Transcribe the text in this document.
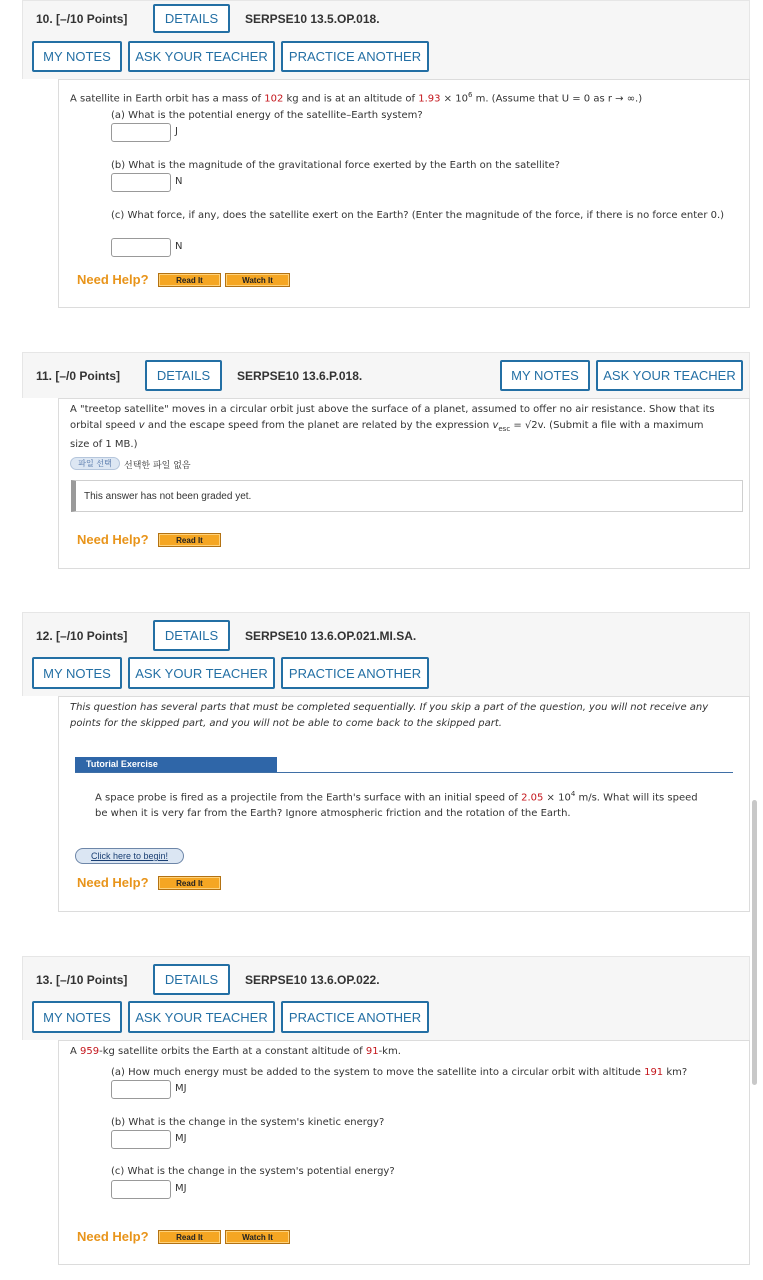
10. [–/10 Points]	DETAILS	SERPSE10 13.5.OP.018.
MY NOTES	ASK YOUR TEACHER	PRACTICE ANOTHER
A satellite in Earth orbit has a mass of 102 kg and is at an altitude of $1.93 \times 10^6$ m. (Assume that U = 0 as r → ∞.)
(a) What is the potential energy of the satellite–Earth system?
J
(b) What is the magnitude of the gravitational force exerted by the Earth on the satellite?
N
(c) What force, if any, does the satellite exert on the Earth? (Enter the magnitude of the force, if there is no force enter 0.)
N
Need Help?	Read It	Watch It
11. [–/0 Points]	DETAILS	SERPSE10 13.6.P.018.	MY NOTES	ASK YOUR TEACHER
A "treetop satellite" moves in a circular orbit just above the surface of a planet, assumed to offer no air resistance. Show that its
orbital speed v and the escape speed from the planet are related by the expression $v_{esc} = √2v$. (Submit a file with a maximum
size of 1 MB.)
파일 선택	선택한 파일 없음
This answer has not been graded yet.
Need Help?	Read It
12. [–/10 Points]	DETAILS	SERPSE10 13.6.OP.021.MI.SA.
MY NOTES	ASK YOUR TEACHER	PRACTICE ANOTHER
This question has several parts that must be completed sequentially. If you skip a part of the question, you will not receive any
points for the skipped part, and you will not be able to come back to the skipped part.
Tutorial Exercise
A space probe is fired as a projectile from the Earth's surface with an initial speed of $2.05 \times 10^4$ m/s. What will its speed
be when it is very far from the Earth? Ignore atmospheric friction and the rotation of the Earth.
Click here to begin!
Need Help?	Read It
13. [–/10 Points]	DETAILS	SERPSE10 13.6.OP.022.
MY NOTES	ASK YOUR TEACHER	PRACTICE ANOTHER
A 959-kg satellite orbits the Earth at a constant altitude of 91-km.
(a) How much energy must be added to the system to move the satellite into a circular orbit with altitude 191 km?
MJ
(b) What is the change in the system's kinetic energy?
MJ
(c) What is the change in the system's potential energy?
MJ
Need Help?	Read It	Watch It
